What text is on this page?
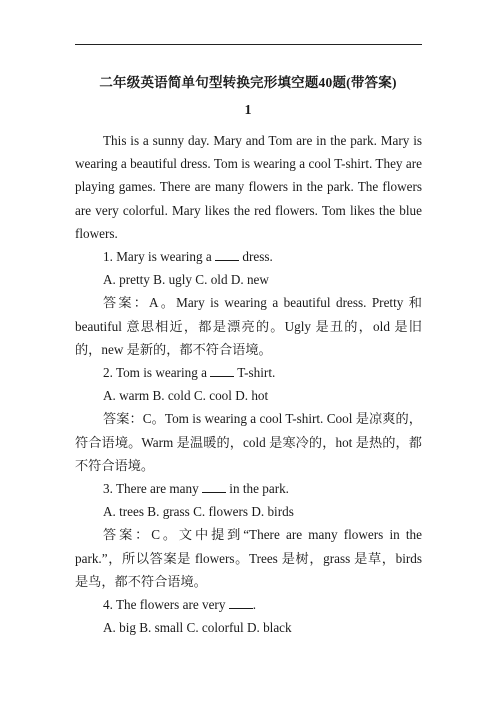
二年级英语简单句型转换完形填空题40题(带答案)
1

This is a sunny day. Mary and Tom are in the park. Mary is wearing a beautiful dress. Tom is wearing a cool T-shirt. They are playing games. There are many flowers in the park. The flowers are very colorful. Mary likes the red flowers. Tom likes the blue flowers.

1. Mary is wearing a  dress.

A. pretty B. ugly C. old D. new

答案：A。Mary is wearing a beautiful dress. Pretty 和 beautiful 意思相近，都是漂亮的。Ugly 是丑的，old 是旧的，new 是新的，都不符合语境。

2. Tom is wearing a  T-shirt.

A. warm B. cold C. cool D. hot

答案：C。Tom is wearing a cool T-shirt. Cool 是凉爽的，符合语境。Warm 是温暖的，cold 是寒冷的，hot 是热的，都不符合语境。

3. There are many  in the park.

A. trees B. grass C. flowers D. birds

答案：C。文中提到“There are many flowers in the park.”，所以答案是 flowers。Trees 是树，grass 是草，birds 是鸟，都不符合语境。

4. The flowers are very .

A. big B. small C. colorful D. black
